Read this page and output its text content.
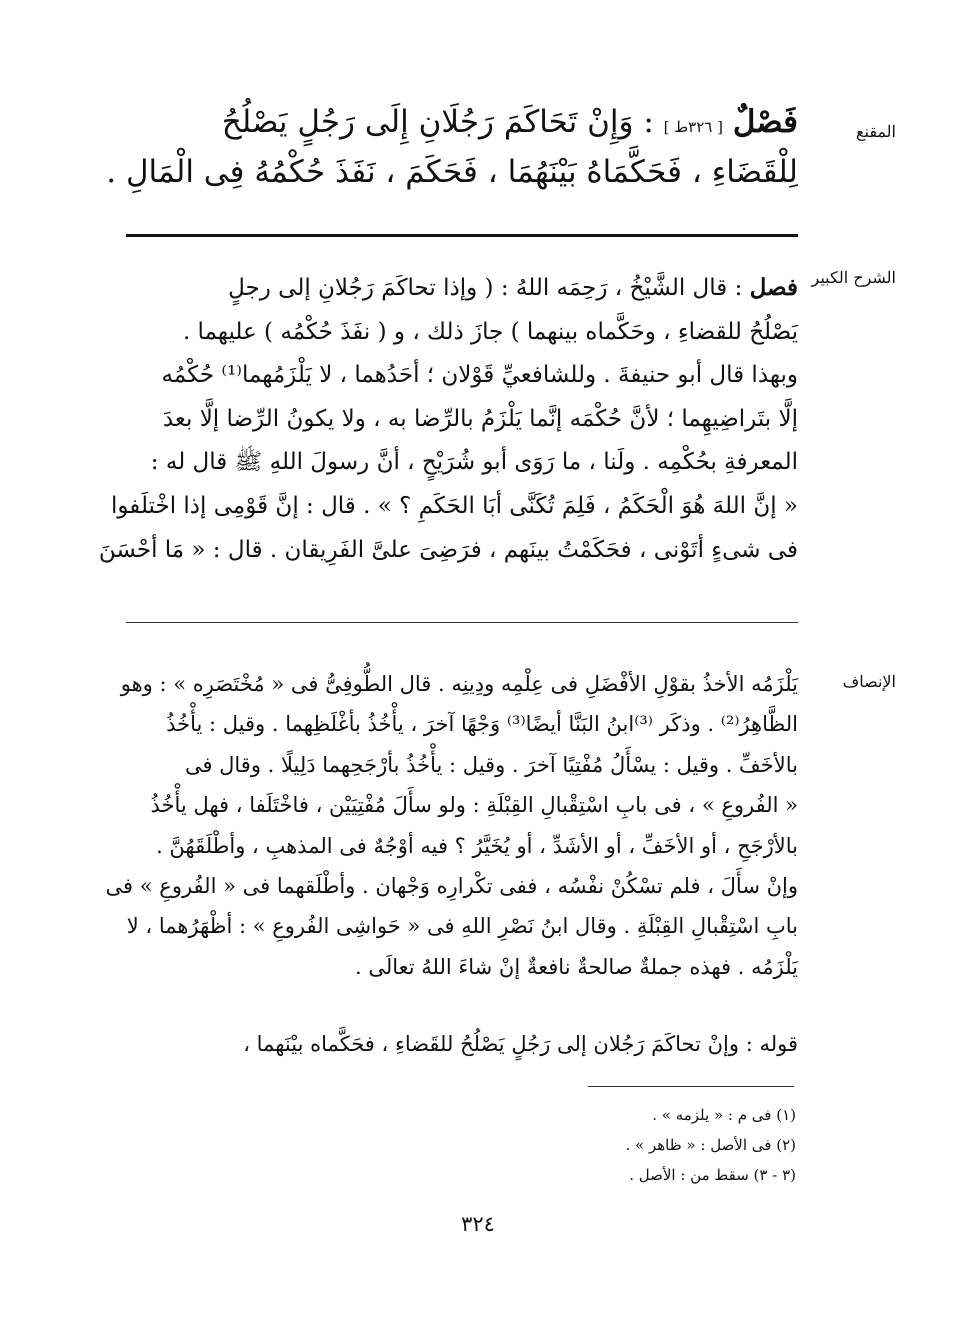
المقنع
فَصْلٌ [ ٣٢٦ط ] : وَإِنْ تَحَاكَمَ رَجُلَانِ إِلَى رَجُلٍ يَصْلُحُ
لِلْقَضَاءِ ، فَحَكَّمَاهُ بَيْنَهُمَا ، فَحَكَمَ ، نَفَذَ حُكْمُهُ فِى الْمَالِ .
الشرح الكبير
فصل : قال الشَّيْخُ ، رَحِمَه اللهُ : ( وإذا تحاكَمَ رَجُلانِ إلى رجلٍ
يَصْلُحُ للقضاءِ ، وحَكَّماه بينهما ) جازَ ذلك ، و ( نفَذَ حُكْمُه ) عليهما .
وبهذا قال أبو حنيفةَ . وللشافعيِّ قَوْلان ؛ أحَدُهما ، لا يَلْزَمُهما⁽¹⁾ حُكْمُه
إلَّا بتَراضِيهِما ؛ لأنَّ حُكْمَه إنَّما يَلْزَمُ بالرِّضا به ، ولا يكونُ الرِّضا إلَّا بعدَ
المعرفةِ بحُكْمِه . ولَنا ، ما رَوَى أبو شُرَيْحٍ ، أنَّ رسولَ اللهِ ﷺ قال له :
« إنَّ اللهَ هُوَ الْحَكَمُ ، فَلِمَ تُكَنَّى أبَا الحَكَمِ ؟ » . قال : إنَّ قَوْمِى إذا اخْتلَفوا
فى شىءٍ أتَوْنى ، فحَكَمْتُ بينَهم ، فرَضِىَ علىَّ الفَرِيقان . قال : « مَا أحْسَنَ
الإنصاف
يَلْزَمُه الأخذُ بقوْلِ الأفْضَلِ فى عِلْمِه ودِينِه . قال الطُّوفِىُّ فى « مُخْتَصَرِه » : وهو
الظَّاهِرُ⁽²⁾ . وذكَر ⁽³⁾ابنُ البَنَّا أيضًا⁽³⁾ وَجْهًا آخرَ ، يأْخُذُ بأغْلَظِهما . وقيل : يأْخُذُ
بالأخَفِّ . وقيل : يسْأَلُ مُفْتِيًا آخرَ . وقيل : يأْخُذُ بأرْجَحِهما دَلِيلًا . وقال فى
« الفُروعِ » ، فى بابِ اسْتِقْبالِ القِبْلَةِ : ولو سأَلَ مُفْتِيَيْن ، فاخْتَلَفا ، فهل يأْخُذُ
بالأرْجَحِ ، أو الأخَفِّ ، أو الأشَدِّ ، أو يُخَيَّرُ ؟ فيه أوْجُهٌ فى المذهبِ ، وأطْلَقَهُنَّ .
وإنْ سأَلَ ، فلم تسْكُنْ نفْسُه ، ففى تكْرارِه وَجْهان . وأطْلَقهما فى « الفُروعِ » فى
بابِ اسْتِقْبالِ القِبْلَةِ . وقال ابنُ نَصْرِ اللهِ فى « حَواشِى الفُروعِ » : أظْهَرُهما ، لا
يَلْزَمُه . فهذه جملةٌ صالحةٌ نافعةٌ إنْ شاءَ اللهُ تعالَى .
قوله : وإنْ تحاكَمَ رَجُلان إلى رَجُلٍ يَصْلُحُ للقَضاءِ ، فحَكَّماه بيْنَهما ،
(١) فى م : « يلزمه » .
(٢) فى الأصل : « ظاهر » .
(٣ - ٣) سقط من : الأصل .
٣٢٤
